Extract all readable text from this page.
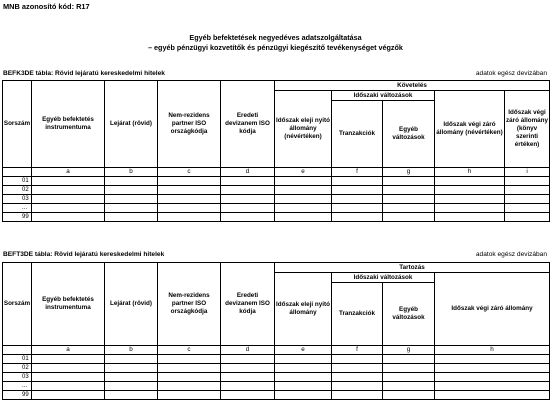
MNB azonosító kód: R17
Egyéb befektetések negyedéves adatszolgáltatása
– egyéb pénzügyi kozvetítők és pénzügyi kiegészítő tevékenységet végzők
BEFK3DE tábla: Rövid lejáratú kereskedelmi hitelek	adatok egész devizában
Sorszám	Egyéb befektetés instrumentuma	Lejárat (rövid)	Nem-rezidens partner ISO országkódja	Eredeti devizanem ISO kódja	Követelés				
					Időszak eleji nyitó állomány (névértéken)	Időszaki változások		Időszak végi záró állomány (névértéken)	Időszak végi záró állomány (könyv szerinti értéken)
						Tranzakciók	Egyéb változások		
	a	b	c	d	e	f	g	h	i
01									
02									
03									
...									
99									
BEFT3DE tábla: Rövid lejáratú kereskedelmi hitelek	adatok egész devizában
Sorszám	Egyéb befektetés instrumentuma	Lejárat (rövid)	Nem-rezidens partner ISO országkódja	Eredeti devizanem ISO kódja	Tartozás			
					Időszak eleji nyitó állomány	Időszaki változások		Időszak végi záró állomány
						Tranzakciók	Egyéb változások	
	a	b	c	d	e	f	g	h
01								
02								
03								
...								
99								
